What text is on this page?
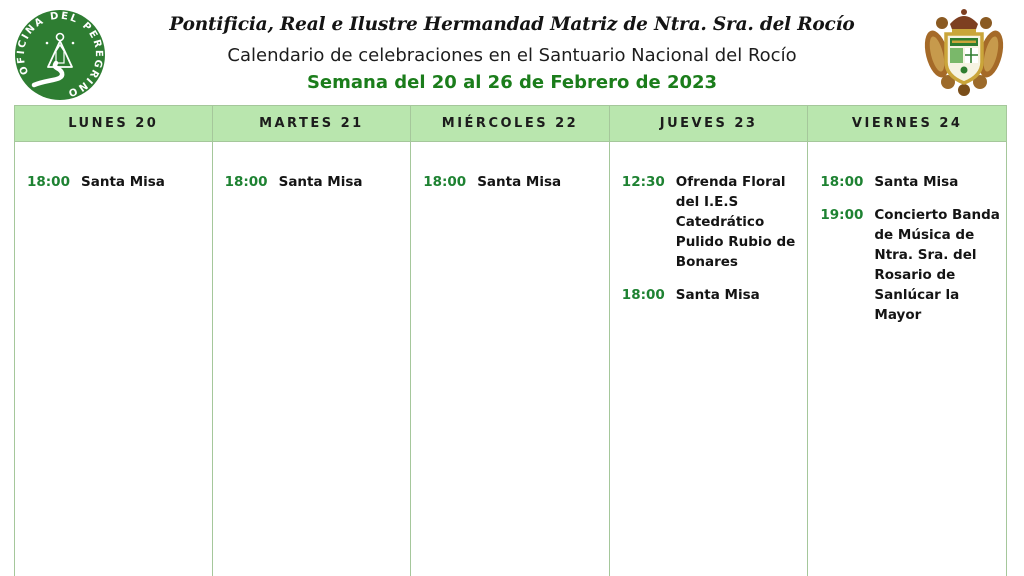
OFICINA DEL PEREGRINO
Pontificia, Real e Ilustre Hermandad Matriz de Ntra. Sra. del Rocío
Calendario de celebraciones en el Santuario Nacional del Rocío
Semana del 20 al 26 de Febrero de 2023
LUNES 20
18:00 Santa Misa
MARTES 21
18:00 Santa Misa
MIÉRCOLES 22
18:00 Santa Misa
JUEVES 23
12:30 Ofrenda Floral del I.E.S Catedrático Pulido Rubio de Bonares
18:00 Santa Misa
VIERNES 24
18:00 Santa Misa
19:00 Concierto Banda de Música de Ntra. Sra. del Rosario de Sanlúcar la Mayor
